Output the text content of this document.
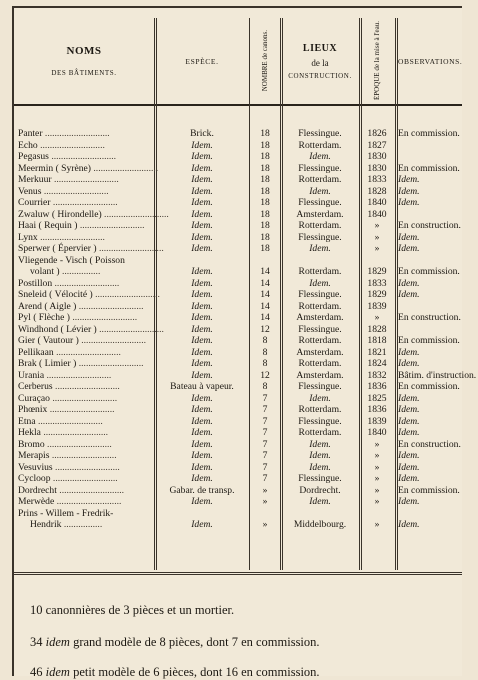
NOMS
DES BÂTIMENTS.
ESPÈCE.	NOMBRE de canons.	LIEUX
de la
CONSTRUCTION.	ÉPOQUE de la mise à l'eau. OBSERVATIONS.
Panter ...........................	Brick.	18	Flessingue.	1826	En commission.
Echo ...........................	Idem.	18	Rotterdam.	1827
Pegasus ...........................	Idem.	18	Idem.	1830
Meermin ( Syrène) ...........................	Idem.	18	Flessingue.	1830	En commission.
Merkuur ...........................	Idem.	18	Rotterdam.	1833	Idem.
Venus ...........................	Idem.	18	Idem.	1828	Idem.
Courrier ...........................	Idem.	18	Flessingue.	1840	Idem.
Zwaluw ( Hirondelle) ...........................	Idem.	18	Amsterdam.	1840
Haai ( Requin ) ...........................	Idem.	18	Rotterdam.	»	En construction.
Lynx ...........................	Idem.	18	Flessingue.	»	Idem.
Sperwer ( Épervier ) ...........................	Idem.	18	Idem.	»	Idem.
Vliegende - Visch ( Poisson
volant ) ................	Idem.	14	Rotterdam.	1829	En commission.
Postillon ...........................	Idem.	14	Idem.	1833	Idem.
Sneleid ( Vélocité ) ...........................	Idem.	14	Flessingue.	1829	Idem.
Arend ( Aigle ) ...........................	Idem.	14	Rotterdam.	1839
Pyl ( Flèche ) ...........................	Idem.	14	Amsterdam.	»	En construction.
Windhond ( Lévier ) ...........................	Idem.	12	Flessingue.	1828
Gier ( Vautour ) ...........................	Idem.	8	Rotterdam.	1818	En commission.
Pellikaan ...........................	Idem.	8	Amsterdam.	1821	Idem.
Brak ( Limier ) ...........................	Idem.	8	Rotterdam.	1824	Idem.
Urania ...........................	Idem.	12	Amsterdam.	1832	Bâtim. d'instruction.
Cerberus ...........................	Bateau à vapeur.	8	Flessingue.	1836	En commission.
Curaçao ...........................	Idem.	7	Idem.	1825	Idem.
Phœnix ...........................	Idem.	7	Rotterdam.	1836	Idem.
Etna ...........................	Idem.	7	Flessingue.	1839	Idem.
Hekla ...........................	Idem.	7	Rotterdam.	1840	Idem.
Bromo ...........................	Idem.	7	Idem.	»	En construction.
Merapis ...........................	Idem.	7	Idem.	»	Idem.
Vesuvius ...........................	Idem.	7	Idem.	»	Idem.
Cycloop ...........................	Idem.	7	Flessingue.	»	Idem.
Dordrecht ...........................	Gabar. de transp.	»	Dordrecht.	»	En commission.
Merwède ...........................	Idem.	»	Idem.	»	Idem.
Prins - Willem - Fredrik-
Hendrik ................	Idem.	»	Middelbourg.	»	Idem.
10 canonnières de 3 pièces et un mortier.
34 idem grand modèle de 8 pièces, dont 7 en commission.
46 idem petit modèle de 6 pièces, dont 16 en commission.
